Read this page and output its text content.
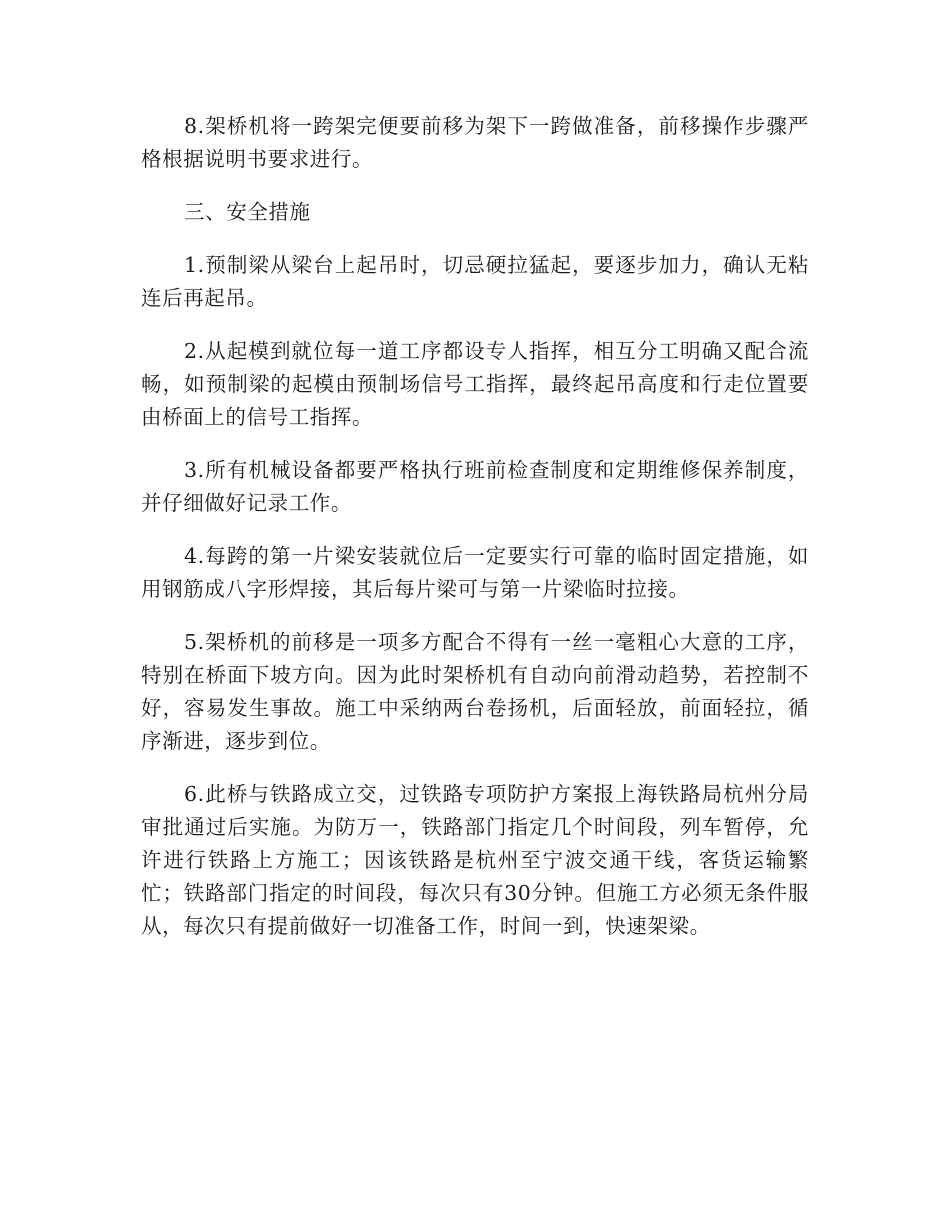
8.架桥机将一跨架完便要前移为架下一跨做准备，前移操作步骤严格根据说明书要求进行。

三、安全措施

1.预制梁从梁台上起吊时，切忌硬拉猛起，要逐步加力，确认无粘连后再起吊。

2.从起模到就位每一道工序都设专人指挥，相互分工明确又配合流畅，如预制梁的起模由预制场信号工指挥，最终起吊高度和行走位置要由桥面上的信号工指挥。

3.所有机械设备都要严格执行班前检查制度和定期维修保养制度，并仔细做好记录工作。

4.每跨的第一片梁安装就位后一定要实行可靠的临时固定措施，如用钢筋成八字形焊接，其后每片梁可与第一片梁临时拉接。

5.架桥机的前移是一项多方配合不得有一丝一毫粗心大意的工序，特别在桥面下坡方向。因为此时架桥机有自动向前滑动趋势，若控制不好，容易发生事故。施工中采纳两台卷扬机，后面轻放，前面轻拉，循序渐进，逐步到位。

6.此桥与铁路成立交，过铁路专项防护方案报上海铁路局杭州分局审批通过后实施。为防万一，铁路部门指定几个时间段，列车暂停，允许进行铁路上方施工；因该铁路是杭州至宁波交通干线，客货运输繁忙；铁路部门指定的时间段，每次只有30分钟。但施工方必须无条件服从，每次只有提前做好一切准备工作，时间一到，快速架梁。
